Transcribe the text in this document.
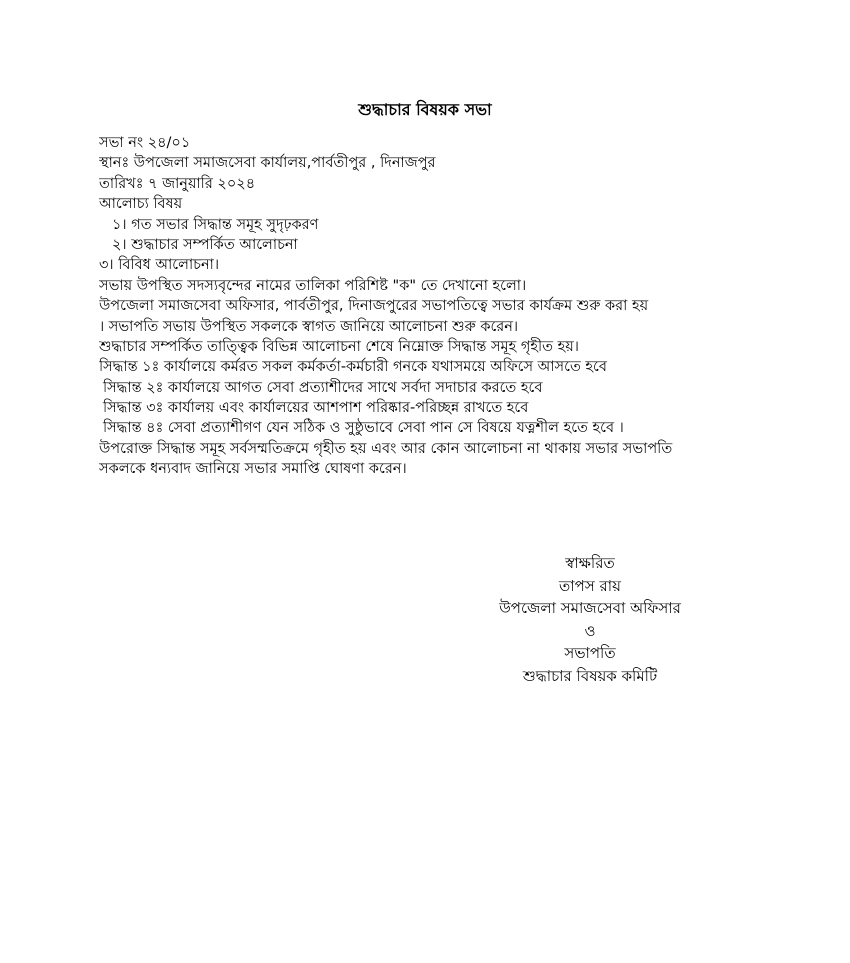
শুদ্ধাচার বিষয়ক সভা
সভা নং ২৪/০১
স্থানঃ উপজেলা সমাজসেবা কার্যালয়,পার্বতীপুর , দিনাজপুর
তারিখঃ ৭ জানুয়ারি ২০২৪
আলোচ্য বিষয়
১। গত সভার সিদ্ধান্ত সমূহ সুদৃঢ়করণ
২। শুদ্ধাচার সম্পর্কিত আলোচনা
৩। বিবিধ আলোচনা।
সভায় উপস্থিত সদস্যবৃন্দের নামের তালিকা পরিশিষ্ট "ক" তে দেখানো হলো।
উপজেলা সমাজসেবা অফিসার, পার্বতীপুর, দিনাজপুরের সভাপতিত্বে সভার কার্যক্রম শুরু করা হয়
। সভাপতি সভায় উপস্থিত সকলকে স্বাগত জানিয়ে আলোচনা শুরু করেন।
শুদ্ধাচার সম্পর্কিত তাত্ত্বিক বিভিন্ন আলোচনা শেষে নিম্নোক্ত সিদ্ধান্ত সমূহ গৃহীত হয়।
সিদ্ধান্ত ১ঃ কার্যালয়ে কর্মরত সকল কর্মকর্তা-কর্মচারী গনকে যথাসময়ে অফিসে আসতে হবে
সিদ্ধান্ত ২ঃ কার্যালয়ে আগত সেবা প্রত্যাশীদের সাথে সর্বদা সদাচার করতে হবে
সিদ্ধান্ত ৩ঃ কার্যালয় এবং কার্যালয়ের আশপাশ পরিষ্কার-পরিচ্ছন্ন রাখতে হবে
সিদ্ধান্ত ৪ঃ সেবা প্রত্যাশীগণ যেন সঠিক ও সুষ্ঠুভাবে সেবা পান সে বিষয়ে যত্নশীল হতে হবে ।
উপরোক্ত সিদ্ধান্ত সমূহ সর্বসম্মতিক্রমে গৃহীত হয় এবং আর কোন আলোচনা না থাকায় সভার সভাপতি
সকলকে ধন্যবাদ জানিয়ে সভার সমাপ্তি ঘোষণা করেন।
স্বাক্ষরিত
তাপস রায়
উপজেলা সমাজসেবা অফিসার
ও
সভাপতি
শুদ্ধাচার বিষয়ক কমিটি
